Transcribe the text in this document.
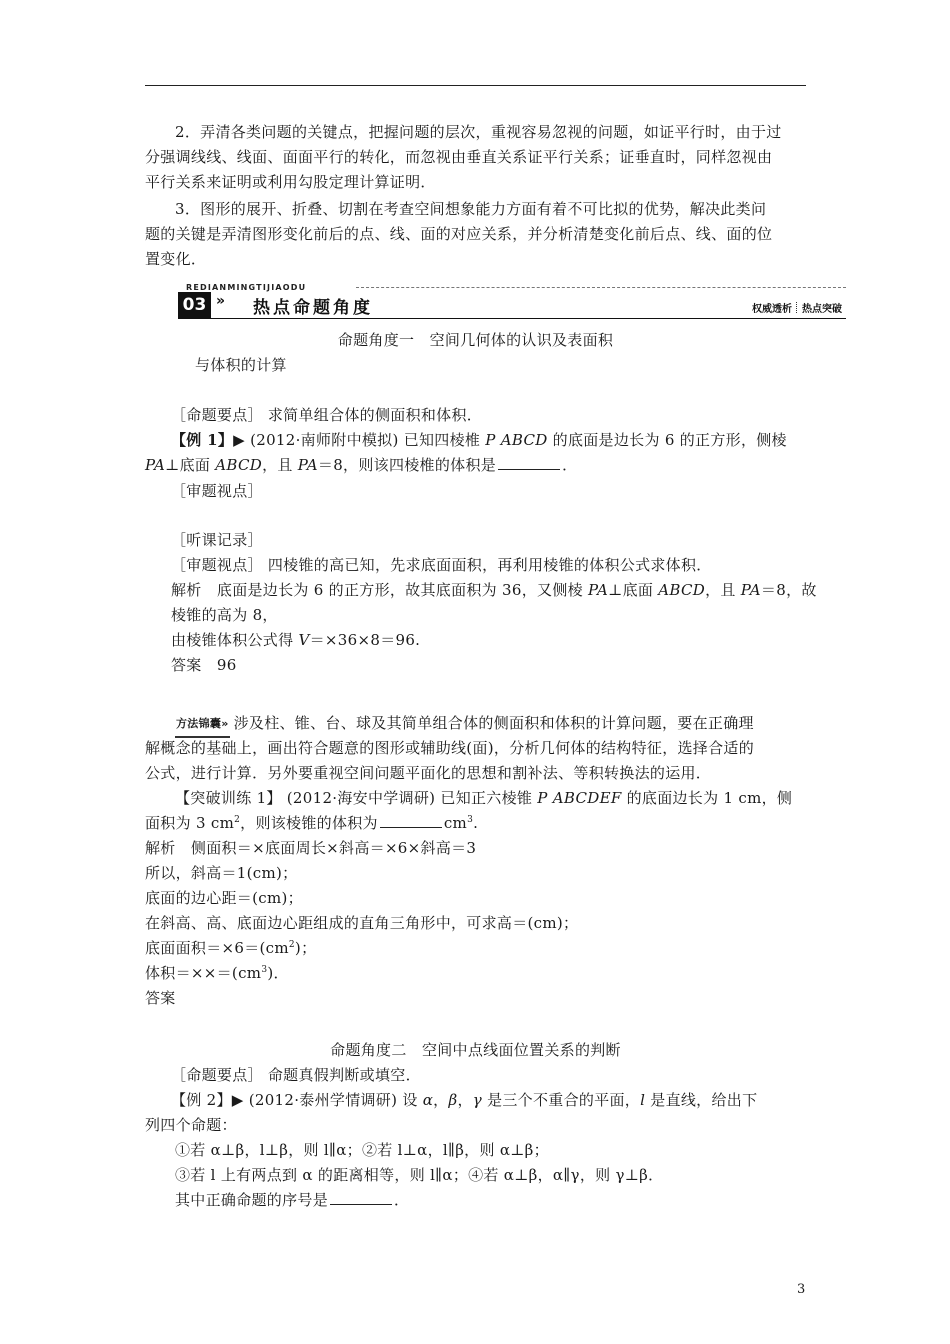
2．弄清各类问题的关键点，把握问题的层次，重视容易忽视的问题，如证平行时，由于过
分强调线线、线面、面面平行的转化，而忽视由垂直关系证平行关系；证垂直时，同样忽视由
平行关系来证明或利用勾股定理计算证明．
3．图形的展开、折叠、切割在考查空间想象能力方面有着不可比拟的优势，解决此类问
题的关键是弄清图形变化前后的点、线、面的对应关系，并分析清楚变化前后点、线、面的位
置变化．
REDIANMINGTIJIAODU
03 » 热点命题角度	权威透析 热点突破
命题角度一　空间几何体的认识及表面积
与体积的计算
［命题要点］ 求简单组合体的侧面积和体积．
【例 1】▶ (2012·南师附中模拟) 已知四棱椎 P ABCD 的底面是边长为 6 的正方形，侧棱
PA⊥底面 ABCD，且 PA＝8，则该四棱椎的体积是	．
［审题视点］
［听课记录］
［审题视点］ 四棱锥的高已知，先求底面面积，再利用棱锥的体积公式求体积．
解析　底面是边长为 6 的正方形，故其底面积为 36，又侧棱 PA⊥底面 ABCD，且 PA＝8，故
棱锥的高为 8，
由棱锥体积公式得 V＝×36×8＝96.
答案　96
方法锦囊» 涉及柱、锥、台、球及其简单组合体的侧面积和体积的计算问题，要在正确理
解概念的基础上，画出符合题意的图形或辅助线(面)，分析几何体的结构特征，选择合适的
公式，进行计算．另外要重视空间问题平面化的思想和割补法、等积转换法的运用．
【突破训练 1】 (2012·海安中学调研) 已知正六棱锥 P ABCDEF 的底面边长为 1 cm，侧
面积为 3 $cm^2$，则该棱锥的体积为	$cm^3$.
解析　侧面积＝×底面周长×斜高＝×6×斜高＝3
所以，斜高＝1(cm)；
底面的边心距＝(cm)；
在斜高、高、底面边心距组成的直角三角形中，可求高＝(cm)；
底面面积$=\times 6=(cm^2)$；
体积$=\times\times=(cm^3)$．
答案
命题角度二　空间中点线面位置关系的判断
［命题要点］ 命题真假判断或填空．
【例 2】▶ (2012·泰州学情调研) 设 α，β，γ 是三个不重合的平面，l 是直线，给出下
列四个命题：
①若 α⊥β，l⊥β，则 l∥α；②若 l⊥α，l∥β，则 α⊥β；
③若 l 上有两点到 α 的距离相等，则 l∥α；④若 α⊥β，α∥γ，则 γ⊥β．
其中正确命题的序号是	．
3
